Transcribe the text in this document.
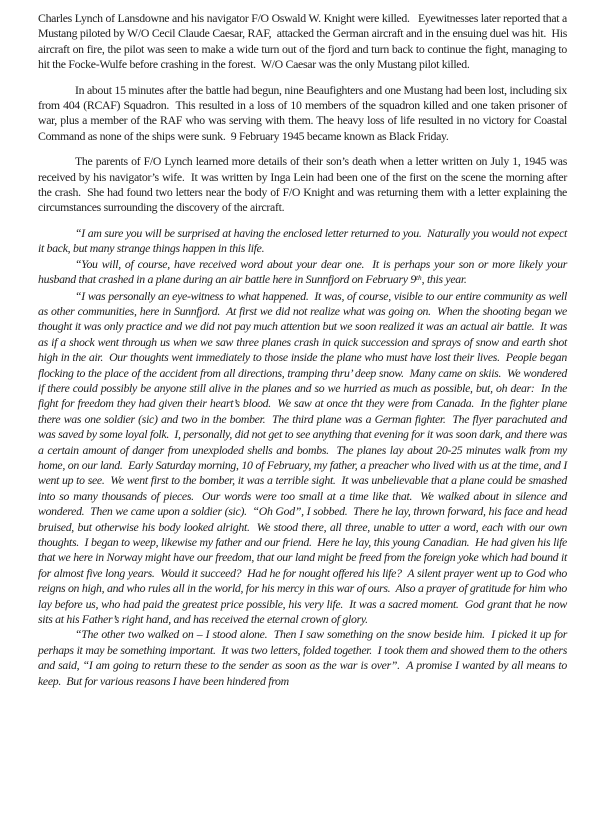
Charles Lynch of Lansdowne and his navigator F/O Oswald W. Knight were killed.   Eyewitnesses later reported that a Mustang piloted by W/O Cecil Claude Caesar, RAF,  attacked the German aircraft and in the ensuing duel was hit.  His aircraft on fire, the pilot was seen to make a wide turn out of the fjord and turn back to continue the fight, managing to hit the Focke-Wulfe before crashing in the forest.  W/O Caesar was the only Mustang pilot killed.

In about 15 minutes after the battle had begun, nine Beaufighters and one Mustang had been lost, including six from 404 (RCAF) Squadron.  This resulted in a loss of 10 members of the squadron killed and one taken prisoner of war, plus a member of the RAF who was serving with them. The heavy loss of life resulted in no victory for Coastal Command as none of the ships were sunk.  9 February 1945 became known as Black Friday.

The parents of F/O Lynch learned more details of their son’s death when a letter written on July 1, 1945 was received by his navigator’s wife.  It was written by Inga Lein had been one of the first on the scene the morning after the crash.  She had found two letters near the body of F/O Knight and was returning them with a letter explaining the circumstances surrounding the discovery of the aircraft.

“I am sure you will be surprised at having the enclosed letter returned to you.  Naturally you would not expect it back, but many strange things happen in this life.

“You will, of course, have received word about your dear one.  It is perhaps your son or more likely your husband that crashed in a plane during an air battle here in Sunnfjord on February 9th, this year.

“I was personally an eye-witness to what happened.  It was, of course, visible to our entire community as well as other communities, here in Sunnfjord.  At first we did not realize what was going on.  When the shooting began we thought it was only practice and we did not pay much attention but we soon realized it was an actual air battle.  It was as if a shock went through us when we saw three planes crash in quick succession and sprays of snow and earth shot high in the air.  Our thoughts went immediately to those inside the plane who must have lost their lives.  People began flocking to the place of the accident from all directions, tramping thru’ deep snow.  Many came on skiis.  We wondered if there could possibly be anyone still alive in the planes and so we hurried as much as possible, but, oh dear:  In the fight for freedom they had given their heart’s blood.  We saw at once tht they were from Canada.  In the fighter plane there was one soldier (sic) and two in the bomber.  The third plane was a German fighter.  The flyer parachuted and was saved by some loyal folk.  I, personally, did not get to see anything that evening for it was soon dark, and there was a certain amount of danger from unexploded shells and bombs.  The planes lay about 20-25 minutes walk from my home, on our land.  Early Saturday morning, 10 of February, my father, a preacher who lived with us at the time, and I went up to see.  We went first to the bomber, it was a terrible sight.  It was unbelievable that a plane could be smashed into so many thousands of pieces.  Our words were too small at a time like that.  We walked about in silence and wondered.  Then we came upon a soldier (sic).  “Oh God”, I sobbed.  There he lay, thrown forward, his face and head bruised, but otherwise his body looked alright.  We stood there, all three, unable to utter a word, each with our own thoughts.  I began to weep, likewise my father and our friend.  Here he lay, this young Canadian.  He had given his life that we here in Norway might have our freedom, that our land might be freed from the foreign yoke which had bound it for almost five long years.  Would it succeed?  Had he for nought offered his life?  A silent prayer went up to God who reigns on high, and who rules all in the world, for his mercy in this war of ours.  Also a prayer of gratitude for him who lay before us, who had paid the greatest price possible, his very life.  It was a sacred moment.  God grant that he now sits at his Father’s right hand, and has received the eternal crown of glory.

“The other two walked on – I stood alone.  Then I saw something on the snow beside him.  I picked it up for perhaps it may be something important.  It was two letters, folded together.  I took them and showed them to the others and said, “I am going to return these to the sender as soon as the war is over”.  A promise I wanted by all means to keep.  But for various reasons I have been hindered from
